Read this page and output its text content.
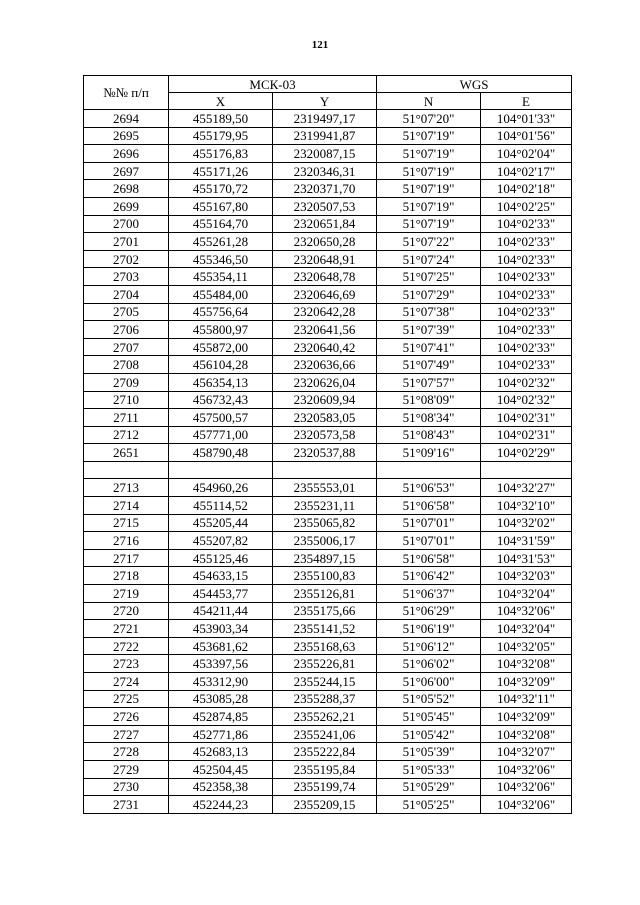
121
№№ п/п	МСК-03		WGS	
	X	Y	N	E
2694	455189,50	2319497,17	51°07'20"	104°01'33"
2695	455179,95	2319941,87	51°07'19"	104°01'56"
2696	455176,83	2320087,15	51°07'19"	104°02'04"
2697	455171,26	2320346,31	51°07'19"	104°02'17"
2698	455170,72	2320371,70	51°07'19"	104°02'18"
2699	455167,80	2320507,53	51°07'19"	104°02'25"
2700	455164,70	2320651,84	51°07'19"	104°02'33"
2701	455261,28	2320650,28	51°07'22"	104°02'33"
2702	455346,50	2320648,91	51°07'24"	104°02'33"
2703	455354,11	2320648,78	51°07'25"	104°02'33"
2704	455484,00	2320646,69	51°07'29"	104°02'33"
2705	455756,64	2320642,28	51°07'38"	104°02'33"
2706	455800,97	2320641,56	51°07'39"	104°02'33"
2707	455872,00	2320640,42	51°07'41"	104°02'33"
2708	456104,28	2320636,66	51°07'49"	104°02'33"
2709	456354,13	2320626,04	51°07'57"	104°02'32"
2710	456732,43	2320609,94	51°08'09"	104°02'32"
2711	457500,57	2320583,05	51°08'34"	104°02'31"
2712	457771,00	2320573,58	51°08'43"	104°02'31"
2651	458790,48	2320537,88	51°09'16"	104°02'29"

2713	454960,26	2355553,01	51°06'53"	104°32'27"
2714	455114,52	2355231,11	51°06'58"	104°32'10"
2715	455205,44	2355065,82	51°07'01"	104°32'02"
2716	455207,82	2355006,17	51°07'01"	104°31'59"
2717	455125,46	2354897,15	51°06'58"	104°31'53"
2718	454633,15	2355100,83	51°06'42"	104°32'03"
2719	454453,77	2355126,81	51°06'37"	104°32'04"
2720	454211,44	2355175,66	51°06'29"	104°32'06"
2721	453903,34	2355141,52	51°06'19"	104°32'04"
2722	453681,62	2355168,63	51°06'12"	104°32'05"
2723	453397,56	2355226,81	51°06'02"	104°32'08"
2724	453312,90	2355244,15	51°06'00"	104°32'09"
2725	453085,28	2355288,37	51°05'52"	104°32'11"
2726	452874,85	2355262,21	51°05'45"	104°32'09"
2727	452771,86	2355241,06	51°05'42"	104°32'08"
2728	452683,13	2355222,84	51°05'39"	104°32'07"
2729	452504,45	2355195,84	51°05'33"	104°32'06"
2730	452358,38	2355199,74	51°05'29"	104°32'06"
2731	452244,23	2355209,15	51°05'25"	104°32'06"
